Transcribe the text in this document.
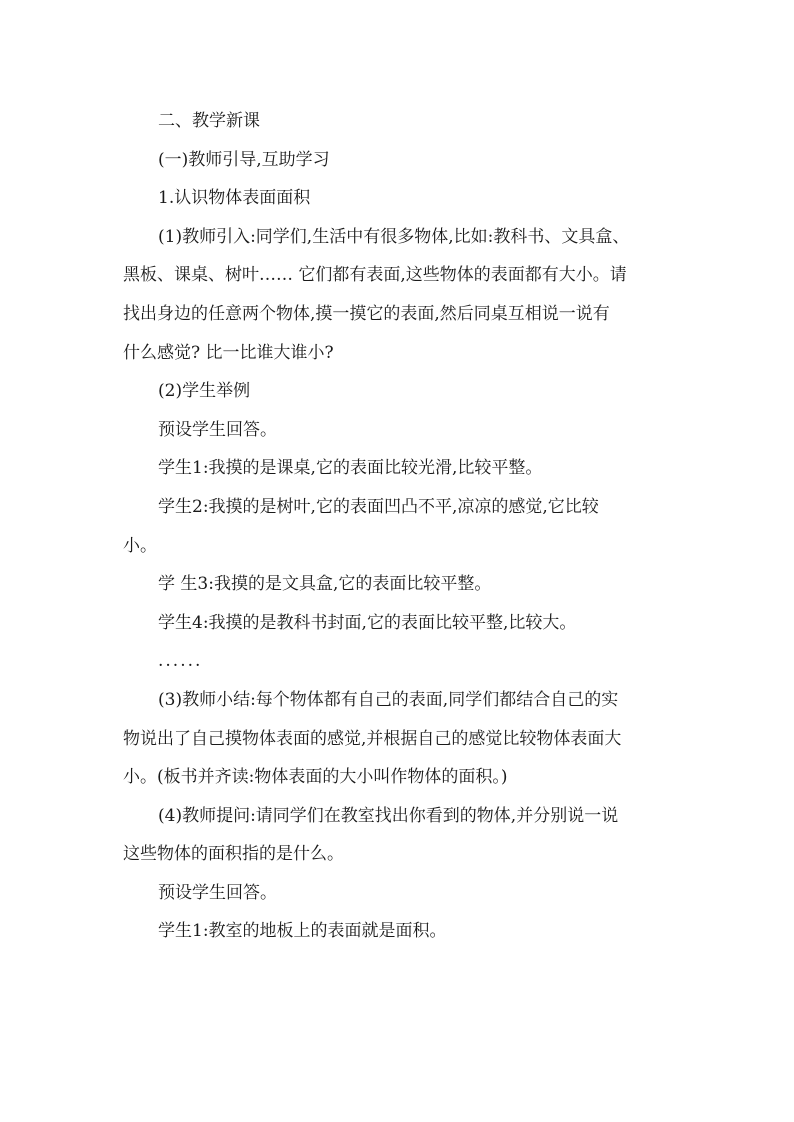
二、教学新课
(一)教师引导,互助学习
1.认识物体表面面积
(1)教师引入:同学们,生活中有很多物体,比如:教科书、文具盒、
黑板、课桌、树叶…… 它们都有表面,这些物体的表面都有大小。请
找出身边的任意两个物体,摸一摸它的表面,然后同桌互相说一说有
什么感觉? 比一比谁大谁小?
(2)学生举例
预设学生回答。
学生1:我摸的是课桌,它的表面比较光滑,比较平整。
学生2:我摸的是树叶,它的表面凹凸不平,凉凉的感觉,它比较
小。
学 生3:我摸的是文具盒,它的表面比较平整。
学生4:我摸的是教科书封面,它的表面比较平整,比较大。
......
(3)教师小结:每个物体都有自己的表面,同学们都结合自己的实
物说出了自己摸物体表面的感觉,并根据自己的感觉比较物体表面大
小。(板书并齐读:物体表面的大小叫作物体的面积。)
(4)教师提问:请同学们在教室找出你看到的物体,并分别说一说
这些物体的面积指的是什么。
预设学生回答。
学生1:教室的地板上的表面就是面积。
